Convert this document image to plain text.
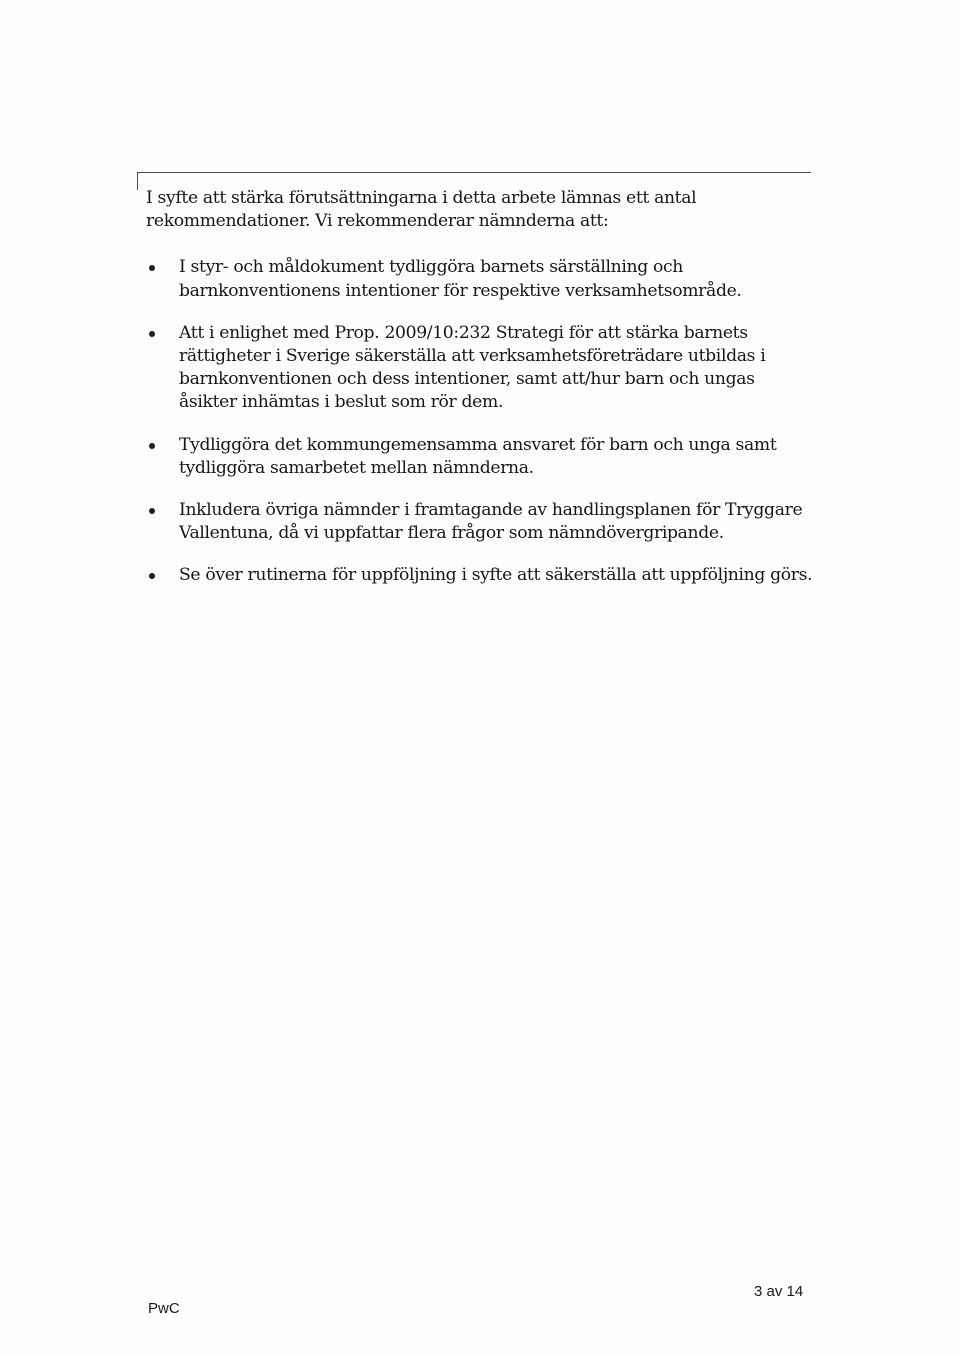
I syfte att stärka förutsättningarna i detta arbete lämnas ett antal rekommendationer. Vi rekommenderar nämnderna att:

I styr- och måldokument tydliggöra barnets särställning och barnkonventionens intentioner för respektive verksamhetsområde.
Att i enlighet med Prop. 2009/10:232 Strategi för att stärka barnets rättigheter i Sverige säkerställa att verksamhetsföreträdare utbildas i barnkonventionen och dess intentioner, samt att/hur barn och ungas åsikter inhämtas i beslut som rör dem.
Tydliggöra det kommungemensamma ansvaret för barn och unga samt tydliggöra samarbetet mellan nämnderna.
Inkludera övriga nämnder i framtagande av handlingsplanen för Tryggare Vallentuna, då vi uppfattar flera frågor som nämndövergripande.
Se över rutinerna för uppföljning i syfte att säkerställa att uppföljning görs.
PwC
3 av 14
